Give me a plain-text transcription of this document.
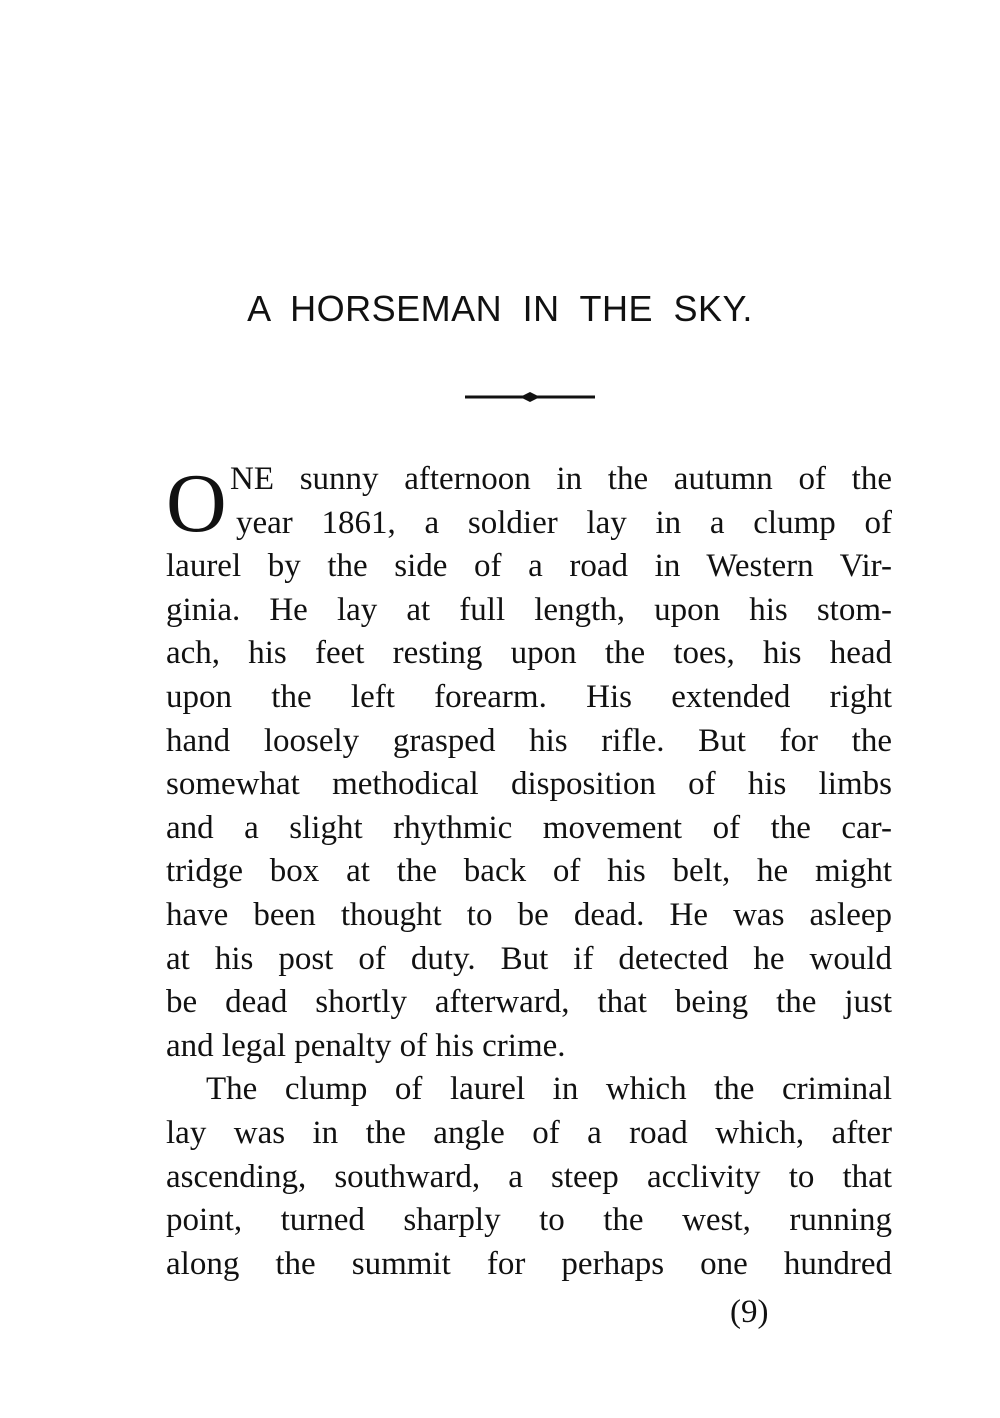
A HORSEMAN IN THE SKY.
O NE sunny afternoon in the autumn of the
year 1861, a soldier lay in a clump of
laurel by the side of a road in Western Vir-
ginia. He lay at full length, upon his stom-
ach, his feet resting upon the toes, his head
upon the left forearm. His extended right
hand loosely grasped his rifle. But for the
somewhat methodical disposition of his limbs
and a slight rhythmic movement of the car-
tridge box at the back of his belt, he might
have been thought to be dead. He was asleep
at his post of duty. But if detected he would
be dead shortly afterward, that being the just
and legal penalty of his crime.

The clump of laurel in which the criminal
lay was in the angle of a road which, after
ascending, southward, a steep acclivity to that
point, turned sharply to the west, running
along the summit for perhaps one hundred

(9)
